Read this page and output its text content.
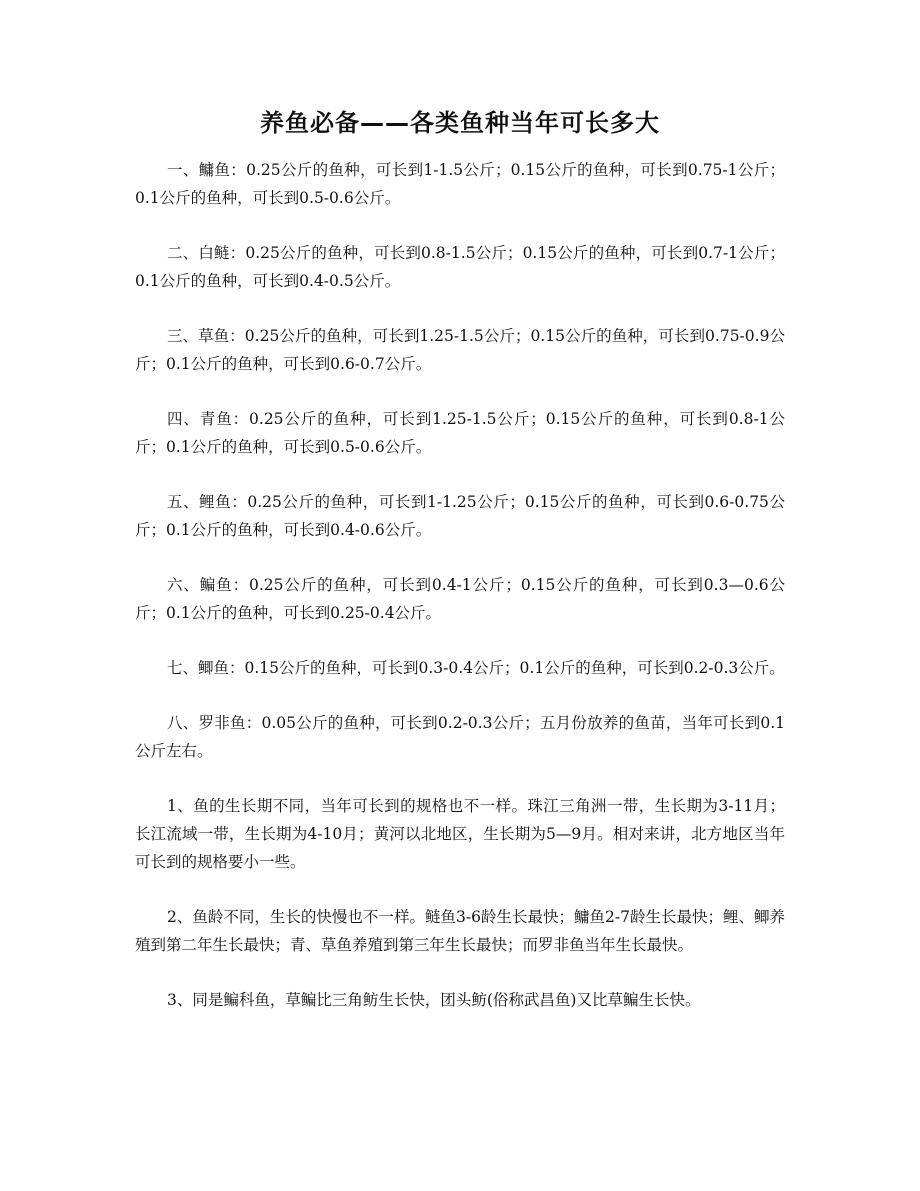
养鱼必备——各类鱼种当年可长多大

一、鳙鱼：0.25公斤的鱼种，可长到1-1.5公斤；0.15公斤的鱼种，可长到0.75-1公斤；0.1公斤的鱼种，可长到0.5-0.6公斤。

二、白鲢：0.25公斤的鱼种，可长到0.8-1.5公斤；0.15公斤的鱼种，可长到0.7-1公斤；0.1公斤的鱼种，可长到0.4-0.5公斤。

三、草鱼：0.25公斤的鱼种，可长到1.25-1.5公斤；0.15公斤的鱼种，可长到0.75-0.9公斤；0.1公斤的鱼种，可长到0.6-0.7公斤。

四、青鱼：0.25公斤的鱼种，可长到1.25-1.5公斤；0.15公斤的鱼种，可长到0.8-1公斤；0.1公斤的鱼种，可长到0.5-0.6公斤。

五、鲤鱼：0.25公斤的鱼种，可长到1-1.25公斤；0.15公斤的鱼种，可长到0.6-0.75公斤；0.1公斤的鱼种，可长到0.4-0.6公斤。

六、鳊鱼：0.25公斤的鱼种，可长到0.4-1公斤；0.15公斤的鱼种，可长到0.3—0.6公斤；0.1公斤的鱼种，可长到0.25-0.4公斤。

七、鲫鱼：0.15公斤的鱼种，可长到0.3-0.4公斤；0.1公斤的鱼种，可长到0.2-0.3公斤。

八、罗非鱼：0.05公斤的鱼种，可长到0.2-0.3公斤；五月份放养的鱼苗，当年可长到0.1公斤左右。

1、鱼的生长期不同，当年可长到的规格也不一样。珠江三角洲一带，生长期为3-11月；长江流域一带，生长期为4-10月；黄河以北地区，生长期为5—9月。相对来讲，北方地区当年可长到的规格要小一些。

2、鱼龄不同，生长的快慢也不一样。鲢鱼3-6龄生长最快；鳙鱼2-7龄生长最快；鲤、鲫养殖到第二年生长最快；青、草鱼养殖到第三年生长最快；而罗非鱼当年生长最快。

3、同是鳊科鱼，草鳊比三角鲂生长快，团头鲂(俗称武昌鱼)又比草鳊生长快。
